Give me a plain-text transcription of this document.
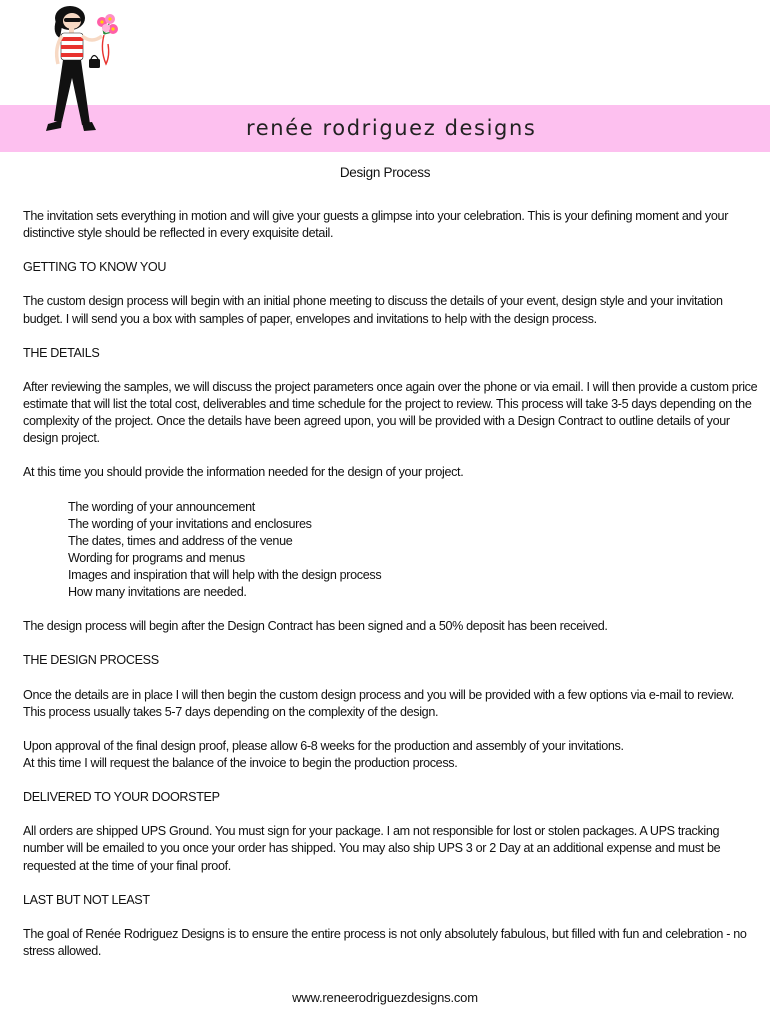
renée rodriguez designs
Design Process

The invitation sets everything in motion and will give your guests a glimpse into your celebration. This is your defining moment and your distinctive style should be reflected in every exquisite detail.

GETTING TO KNOW YOU

The custom design process will begin with an initial phone meeting to discuss the details of your event, design style and your invitation budget. I will send you a box with samples of paper, envelopes and invitations to help with the design process.

THE DETAILS

After reviewing the samples, we will discuss the project parameters once again over the phone or via email. I will then provide a custom price estimate that will list the total cost, deliverables and time schedule for the project to review. This process will take 3-5 days depending on the complexity of the project. Once the details have been agreed upon, you will be provided with a Design Contract to outline details of your design project.

At this time you should provide the information needed for the design of your project.

The wording of your announcement
The wording of your invitations and enclosures
The dates, times and address of the venue
Wording for programs and menus
Images and inspiration that will help with the design process
How many invitations are needed.

The design process will begin after the Design Contract has been signed and a 50% deposit has been received.

THE DESIGN PROCESS

Once the details are in place I will then begin the custom design process and you will be provided with a few options via e-mail to review. This process usually takes 5-7 days depending on the complexity of the design.

Upon approval of the final design proof, please allow 6-8 weeks for the production and assembly of your invitations.

At this time I will request the balance of the invoice to begin the production process.

DELIVERED TO YOUR DOORSTEP

All orders are shipped UPS Ground. You must sign for your package. I am not responsible for lost or stolen packages. A UPS tracking number will be emailed to you once your order has shipped. You may also ship UPS 3 or 2 Day at an additional expense and must be requested at the time of your final proof.

LAST BUT NOT LEAST

The goal of Renée Rodriguez Designs is to ensure the entire process is not only absolutely fabulous, but filled with fun and celebration - no stress allowed.

www.reneerodriguezdesigns.com
